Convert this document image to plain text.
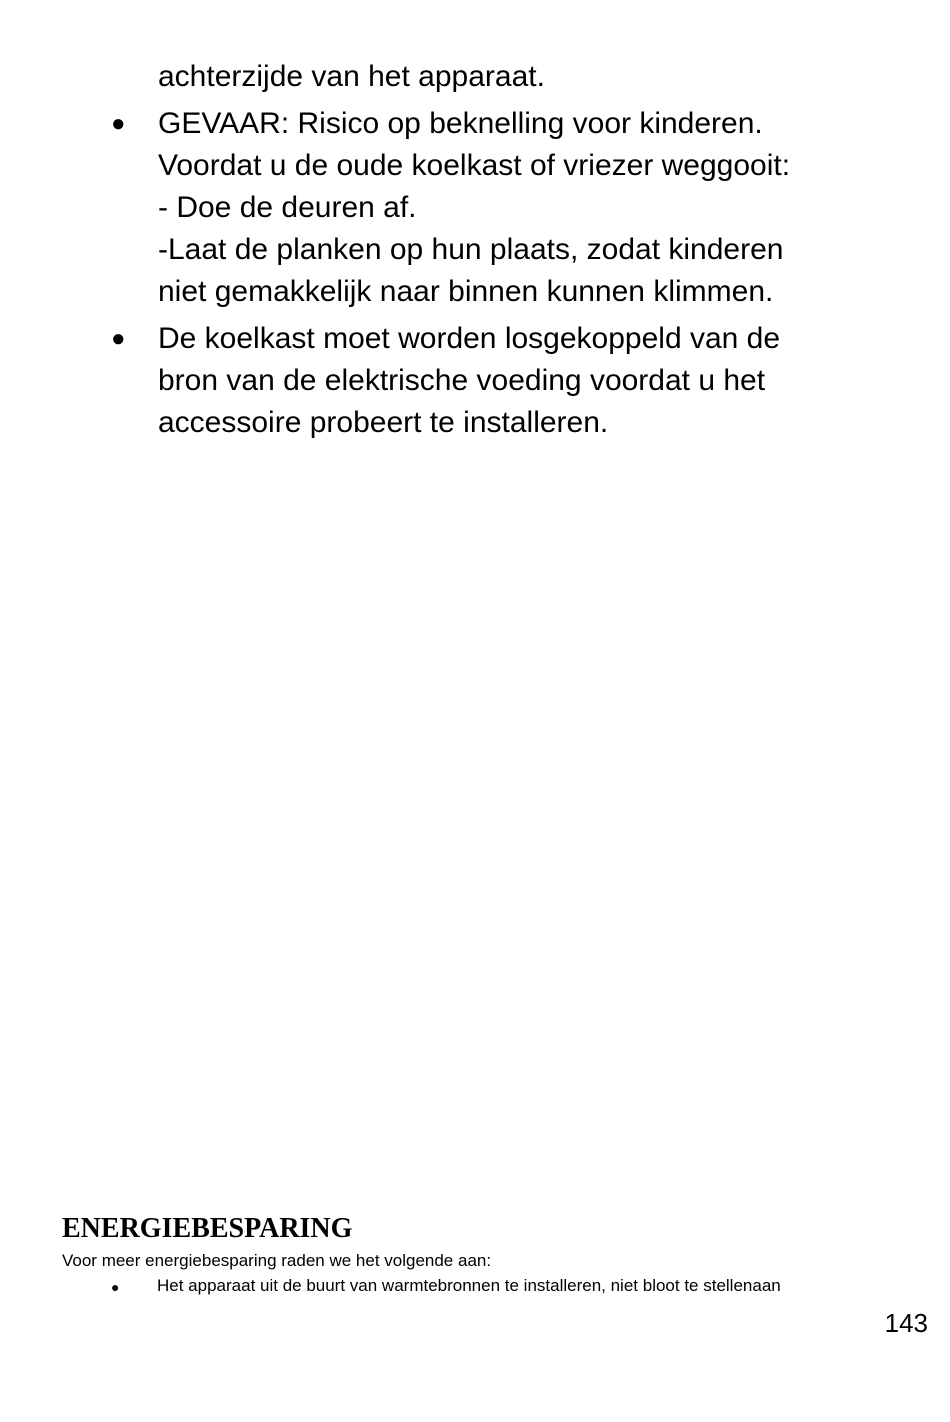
achterzijde van het apparaat.
● GEVAAR: Risico op beknelling voor kinderen.
Voordat u de oude koelkast of vriezer weggooit:
- Doe de deuren af.
-Laat de planken op hun plaats, zodat kinderen
niet gemakkelijk naar binnen kunnen klimmen.
● De koelkast moet worden losgekoppeld van de
bron van de elektrische voeding voordat u het
accessoire probeert te installeren.
ENERGIEBESPARING
Voor meer energiebesparing raden we het volgende aan:
● Het apparaat uit de buurt van warmtebronnen te installeren, niet bloot te stellenaan
143
